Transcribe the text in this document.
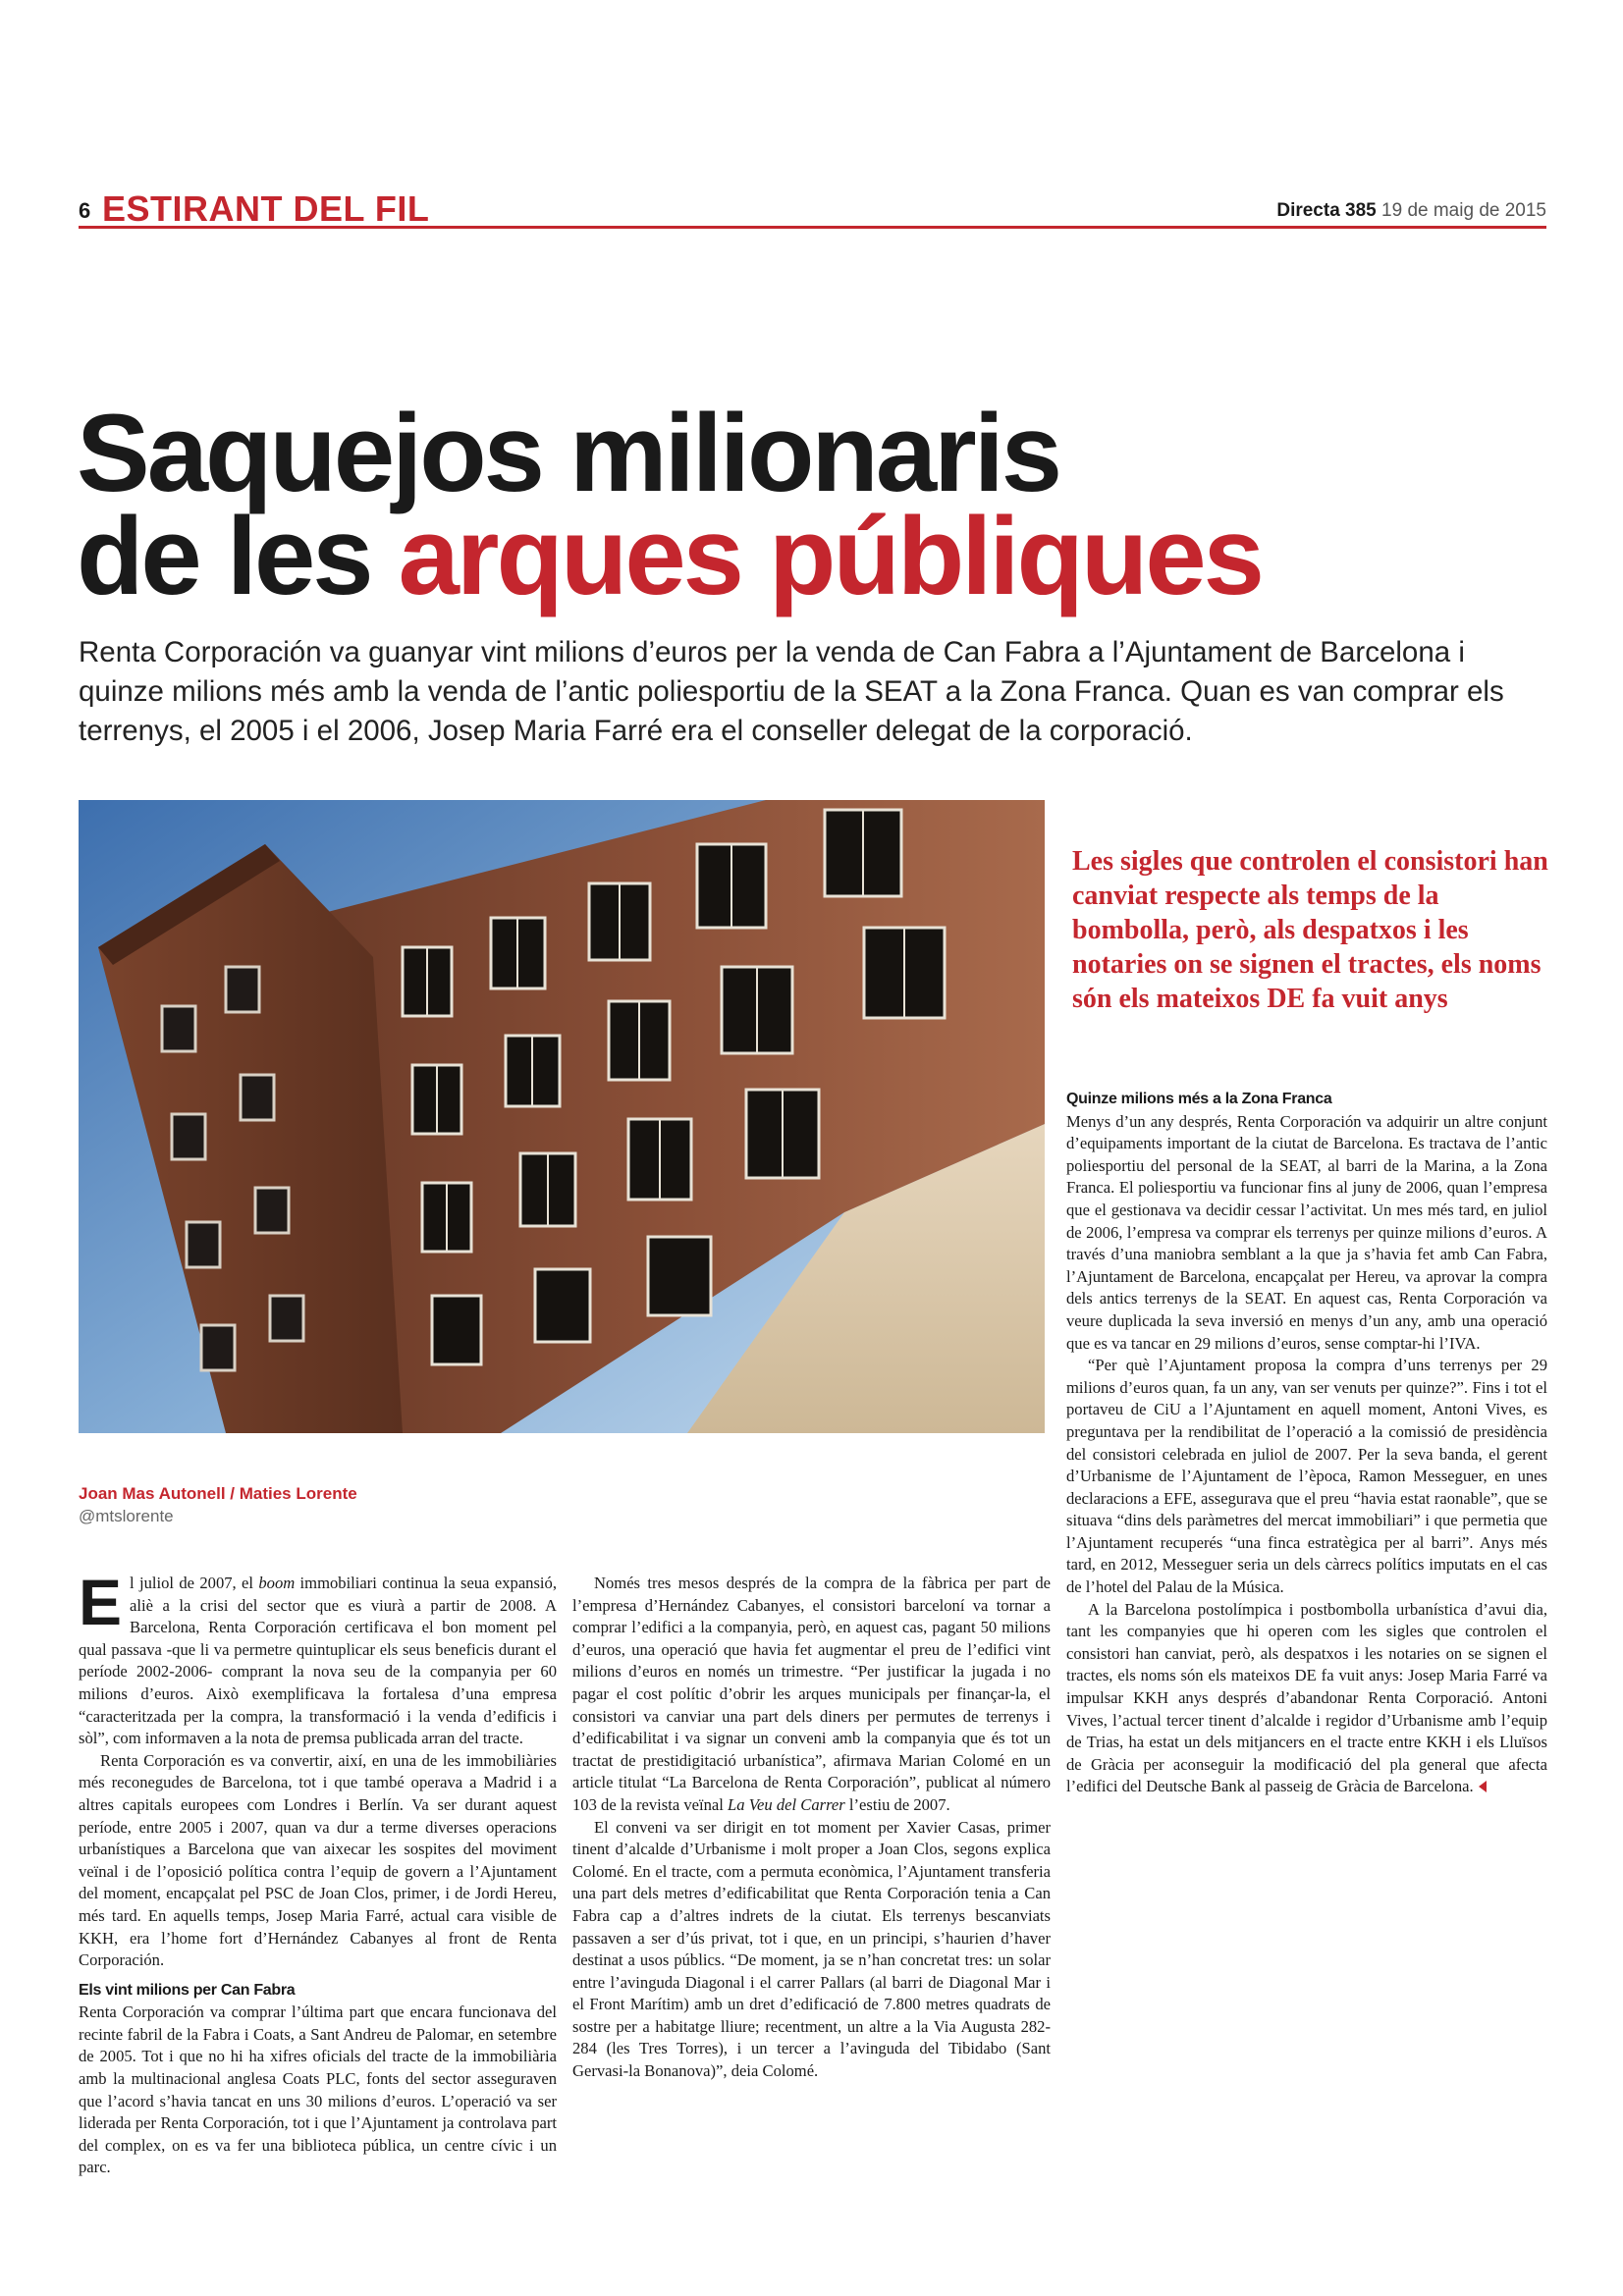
6 ESTIRANT DEL FIL	Directa 385 19 de maig de 2015
Saquejos milionaris
de les arques públiques
Renta Corporación va guanyar vint milions d’euros per la venda de Can Fabra a l’Ajuntament de Barcelona i quinze milions més amb la venda de l’antic poliesportiu de la SEAT a la Zona Franca. Quan es van comprar els terrenys, el 2005 i el 2006, Josep Maria Farré era el conseller delegat de la corporació.
Les sigles que controlen el consistori han canviat respecte als temps de la bombolla, però, als despatxos i les notaries on se signen el tractes, els noms són els mateixos DE fa vuit anys
Joan Mas Autonell / Maties Lorente
@mtslorente

El juliol de 2007, el boom immobiliari continua la seua expansió, aliè a la crisi del sector que es viurà a partir de 2008. A Barcelona, Renta Corporación certificava el bon moment pel qual passava -que li va permetre quintuplicar els seus beneficis durant el període 2002-2006- comprant la nova seu de la companyia per 60 milions d’euros. Això exemplificava la fortalesa d’una empresa “caracteritzada per la compra, la transformació i la venda d’edificis i sòl”, com informaven a la nota de premsa publicada arran del tracte.

Renta Corporación es va convertir, així, en una de les immobiliàries més reconegudes de Barcelona, tot i que també operava a Madrid i a altres capitals europees com Londres i Berlín. Va ser durant aquest període, entre 2005 i 2007, quan va dur a terme diverses operacions urbanístiques a Barcelona que van aixecar les sospites del moviment veïnal i de l’oposició política contra l’equip de govern a l’Ajuntament del moment, encapçalat pel PSC de Joan Clos, primer, i de Jordi Hereu, més tard. En aquells temps, Josep Maria Farré, actual cara visible de KKH, era l’home fort d’Hernández Cabanyes al front de Renta Corporación.

Els vint milions per Can Fabra

Renta Corporación va comprar l’última part que encara funcionava del recinte fabril de la Fabra i Coats, a Sant Andreu de Palomar, en setembre de 2005. Tot i que no hi ha xifres oficials del tracte de la immobiliària amb la multinacional anglesa Coats PLC, fonts del sector asseguraven que l’acord s’havia tancat en uns 30 milions d’euros. L’operació va ser liderada per Renta Corporación, tot i que l’Ajuntament ja controlava part del complex, on es va fer una biblioteca pública, un centre cívic i un parc.

Només tres mesos després de la compra de la fàbrica per part de l’empresa d’Hernández Cabanyes, el consistori barceloní va tornar a comprar l’edifici a la companyia, però, en aquest cas, pagant 50 milions d’euros, una operació que havia fet augmentar el preu de l’edifici vint milions d’euros en només un trimestre. “Per justificar la jugada i no pagar el cost polític d’obrir les arques municipals per finançar-la, el consistori va canviar una part dels diners per permutes de terrenys i d’edificabilitat i va signar un conveni amb la companyia que és tot un tractat de prestidigitació urbanística”, afirmava Marian Colomé en un article titulat “La Barcelona de Renta Corporación”, publicat al número 103 de la revista veïnal La Veu del Carrer l’estiu de 2007.

El conveni va ser dirigit en tot moment per Xavier Casas, primer tinent d’alcalde d’Urbanisme i molt proper a Joan Clos, segons explica Colomé. En el tracte, com a permuta econòmica, l’Ajuntament transferia una part dels metres d’edificabilitat que Renta Corporación tenia a Can Fabra cap a d’altres indrets de la ciutat. Els terrenys bescanviats passaven a ser d’ús privat, tot i que, en un principi, s’haurien d’haver destinat a usos públics. “De moment, ja se n’han concretat tres: un solar entre l’avinguda Diagonal i el carrer Pallars (al barri de Diagonal Mar i el Front Marítim) amb un dret d’edificació de 7.800 metres quadrats de sostre per a habitatge lliure; recentment, un altre a la Via Augusta 282-284 (les Tres Torres), i un tercer a l’avinguda del Tibidabo (Sant Gervasi-la Bonanova)”, deia Colomé.

Quinze milions més a la Zona Franca

Menys d’un any després, Renta Corporación va adquirir un altre conjunt d’equipaments important de la ciutat de Barcelona. Es tractava de l’antic poliesportiu del personal de la SEAT, al barri de la Marina, a la Zona Franca. El poliesportiu va funcionar fins al juny de 2006, quan l’empresa que el gestionava va decidir cessar l’activitat. Un mes més tard, en juliol de 2006, l’empresa va comprar els terrenys per quinze milions d’euros. A través d’una maniobra semblant a la que ja s’havia fet amb Can Fabra, l’Ajuntament de Barcelona, encapçalat per Hereu, va aprovar la compra dels antics terrenys de la SEAT. En aquest cas, Renta Corporación va veure duplicada la seva inversió en menys d’un any, amb una operació que es va tancar en 29 milions d’euros, sense comptar-hi l’IVA.

“Per què l’Ajuntament proposa la compra d’uns terrenys per 29 milions d’euros quan, fa un any, van ser venuts per quinze?”. Fins i tot el portaveu de CiU a l’Ajuntament en aquell moment, Antoni Vives, es preguntava per la rendibilitat de l’operació a la comissió de presidència del consistori celebrada en juliol de 2007. Per la seva banda, el gerent d’Urbanisme de l’Ajuntament de l’època, Ramon Messeguer, en unes declaracions a EFE, assegurava que el preu “havia estat raonable”, que se situava “dins dels paràmetres del mercat immobiliari” i que permetia que l’Ajuntament recuperés “una finca estratègica per al barri”. Anys més tard, en 2012, Messeguer seria un dels càrrecs polítics imputats en el cas de l’hotel del Palau de la Música.

A la Barcelona postolímpica i postbombolla urbanística d’avui dia, tant les companyies que hi operen com les sigles que controlen el consistori han canviat, però, als despatxos i les notaries on se signen el tractes, els noms són els mateixos DE fa vuit anys: Josep Maria Farré va impulsar KKH anys després d’abandonar Renta Corporació. Antoni Vives, l’actual tercer tinent d’alcalde i regidor d’Urbanisme amb l’equip de Trias, ha estat un dels mitjancers en el tracte entre KKH i els Lluïsos de Gràcia per aconseguir la modificació del pla general que afecta l’edifici del Deutsche Bank al passeig de Gràcia de Barcelona.
